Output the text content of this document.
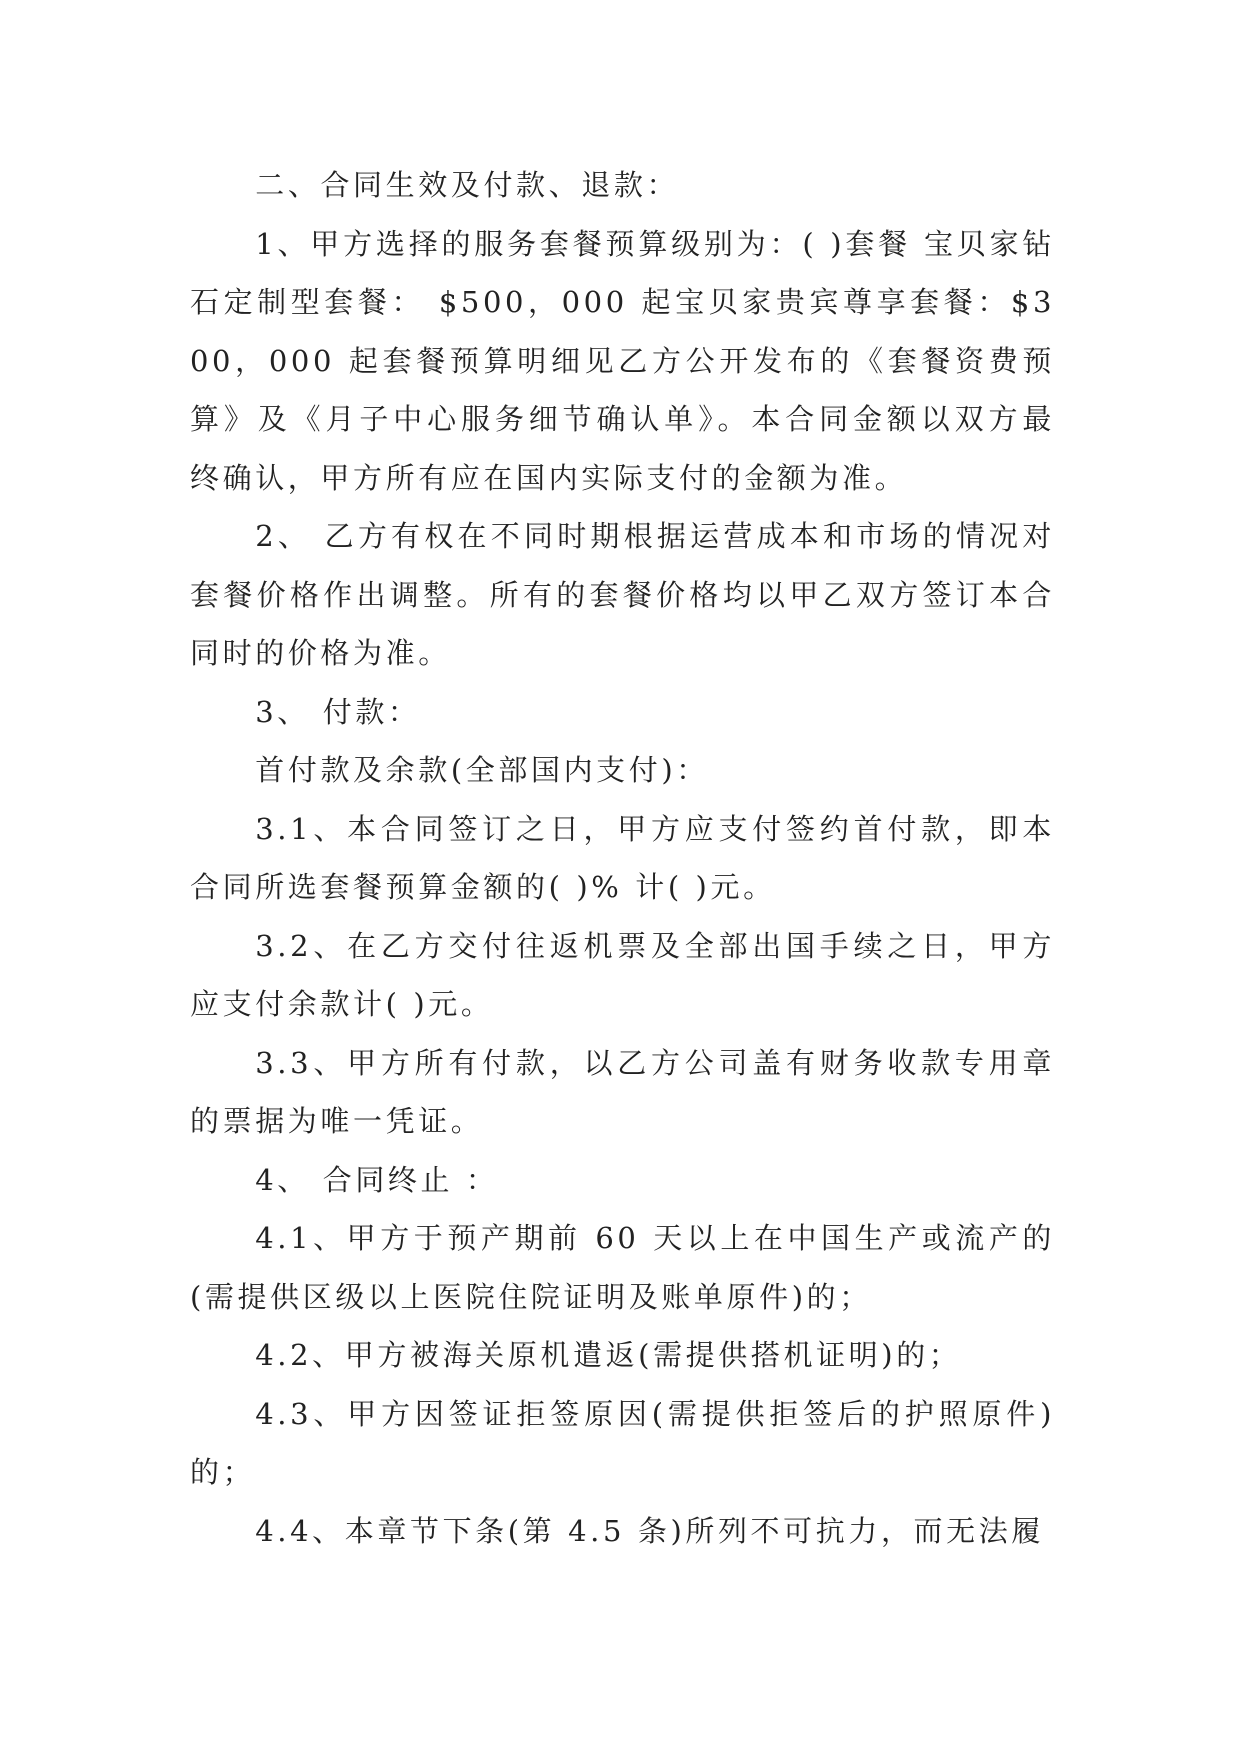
二、合同生效及付款、退款：

1、甲方选择的服务套餐预算级别为：( )套餐 宝贝家钻石定制型套餐： $500，000 起宝贝家贵宾尊享套餐：$300，000 起套餐预算明细见乙方公开发布的《套餐资费预算》及《月子中心服务细节确认单》。本合同金额以双方最终确认，甲方所有应在国内实际支付的金额为准。

2、 乙方有权在不同时期根据运营成本和市场的情况对套餐价格作出调整。所有的套餐价格均以甲乙双方签订本合同时的价格为准。

3、 付款：

首付款及余款(全部国内支付)：

3.1、本合同签订之日，甲方应支付签约首付款，即本合同所选套餐预算金额的( )% 计( )元。

3.2、在乙方交付往返机票及全部出国手续之日，甲方应支付余款计( )元。

3.3、甲方所有付款，以乙方公司盖有财务收款专用章的票据为唯一凭证。

4、 合同终止 ：

4.1、甲方于预产期前 60 天以上在中国生产或流产的(需提供区级以上医院住院证明及账单原件)的；

4.2、甲方被海关原机遣返(需提供搭机证明)的；

4.3、甲方因签证拒签原因(需提供拒签后的护照原件)的；

4.4、本章节下条(第 4.5 条)所列不可抗力，而无法履
